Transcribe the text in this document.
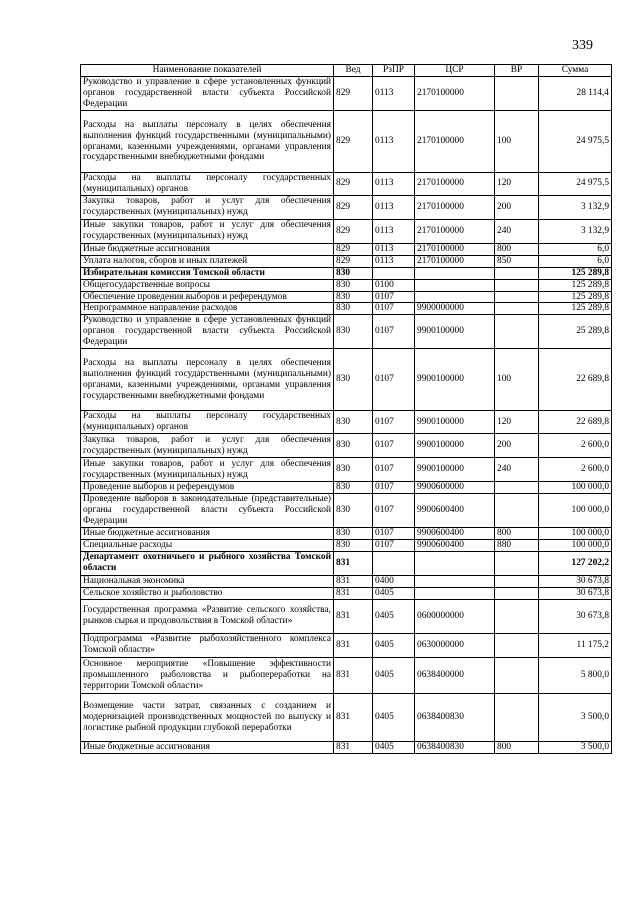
339
Наименование показателей	Вед	РзПР	ЦСР	ВР	Сумма
Руководство и управление в сфере установленных функций органов государственной власти субъекта Российской Федерации	829	0113	2170100000		28 114,4
Расходы на выплаты персоналу в целях обеспечения выполнения функций государственными (муниципальными) органами, казенными учреждениями, органами управления государственными внебюджетными фондами	829	0113	2170100000	100	24 975,5
Расходы на выплаты персоналу государственных (муниципальных) органов	829	0113	2170100000	120	24 975,5
Закупка товаров, работ и услуг для обеспечения государственных (муниципальных) нужд	829	0113	2170100000	200	3 132,9
Иные закупки товаров, работ и услуг для обеспечения государственных (муниципальных) нужд	829	0113	2170100000	240	3 132,9
Иные бюджетные ассигнования	829	0113	2170100000	800	6,0
Уплата налогов, сборов и иных платежей	829	0113	2170100000	850	6,0
Избирательная комиссия Томской области	830				125 289,8
Общегосударственные вопросы	830	0100			125 289,8
Обеспечение проведения выборов и референдумов	830	0107			125 289,8
Непрограммное направление расходов	830	0107	9900000000		125 289,8
Руководство и управление в сфере установленных функций органов государственной власти субъекта Российской Федерации	830	0107	9900100000		25 289,8
Расходы на выплаты персоналу в целях обеспечения выполнения функций государственными (муниципальными) органами, казенными учреждениями, органами управления государственными внебюджетными фондами	830	0107	9900100000	100	22 689,8
Расходы на выплаты персоналу государственных (муниципальных) органов	830	0107	9900100000	120	22 689,8
Закупка товаров, работ и услуг для обеспечения государственных (муниципальных) нужд	830	0107	9900100000	200	2 600,0
Иные закупки товаров, работ и услуг для обеспечения государственных (муниципальных) нужд	830	0107	9900100000	240	2 600,0
Проведение выборов и референдумов	830	0107	9900600000		100 000,0
Проведение выборов в законодательные (представительные) органы государственной власти субъекта Российской Федерации	830	0107	9900600400		100 000,0
Иные бюджетные ассигнования	830	0107	9900600400	800	100 000,0
Специальные расходы	830	0107	9900600400	880	100 000,0
Департамент охотничьего и рыбного хозяйства Томской области	831				127 202,2
Национальная экономика	831	0400			30 673,8
Сельское хозяйство и рыболовство	831	0405			30 673,8
Государственная программа «Развитие сельского хозяйства, рынков сырья и продовольствия в Томской области»	831	0405	0600000000		30 673,8
Подпрограмма «Развитие рыбохозяйственного комплекса Томской области»	831	0405	0630000000		11 175,2
Основное мероприятие «Повышение эффективности промышленного рыболовства и рыбопереработки на территории Томской области»	831	0405	0638400000		5 800,0
Возмещение части затрат, связанных с созданием и модернизацией производственных мощностей по выпуску и логистике рыбной продукции глубокой переработки	831	0405	0638400830		3 500,0
Иные бюджетные ассигнования	831	0405	0638400830	800	3 500,0
